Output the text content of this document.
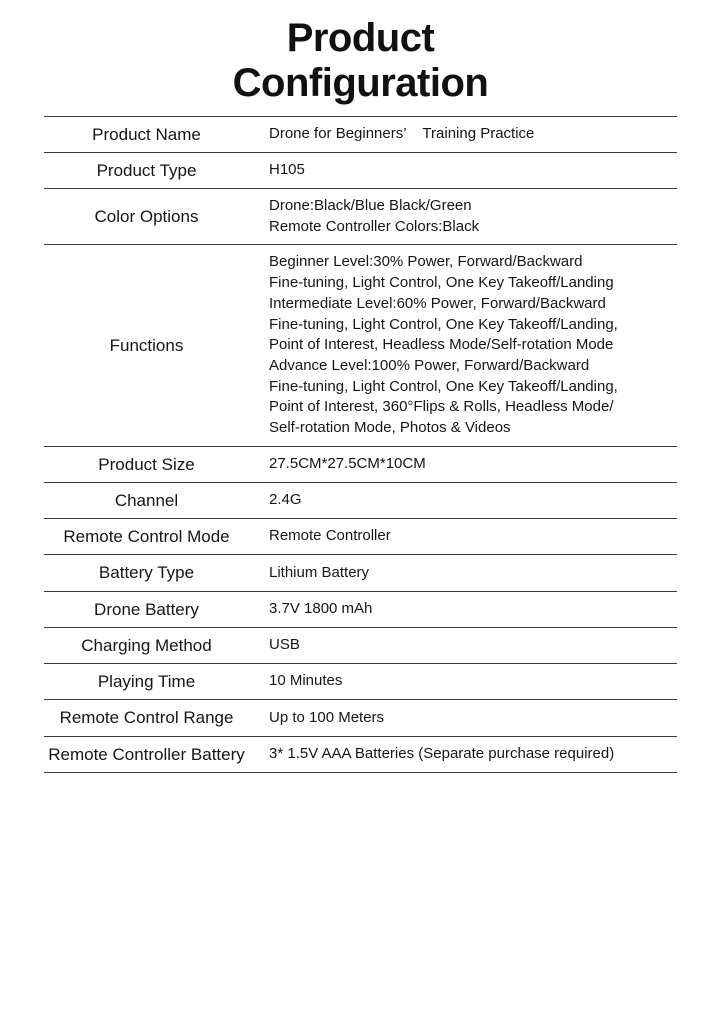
Product
Configuration
Product Name	Drone for Beginners’    Training Practice

Product Type	H105

Color Options	Drone:Black/Blue Black/Green
Remote Controller Colors:Black

Functions	
Beginner Level:30% Power, Forward/Backward
Fine-tuning, Light Control, One Key Takeoff/Landing
Intermediate Level:60% Power, Forward/Backward
Fine-tuning, Light Control, One Key Takeoff/Landing,
Point of Interest, Headless Mode/Self-rotation Mode
Advance Level:100% Power, Forward/Backward
Fine-tuning, Light Control, One Key Takeoff/Landing,
Point of Interest, 360°Flips & Rolls, Headless Mode/
Self-rotation Mode, Photos & Videos

Product Size	27.5CM*27.5CM*10CM

Channel	2.4G

Remote Control Mode	Remote Controller

Battery Type	Lithium Battery

Drone Battery	3.7V 1800 mAh

Charging Method	USB

Playing Time	10 Minutes

Remote Control Range	Up to 100 Meters

Remote Controller Battery	3* 1.5V AAA Batteries (Separate purchase required)
